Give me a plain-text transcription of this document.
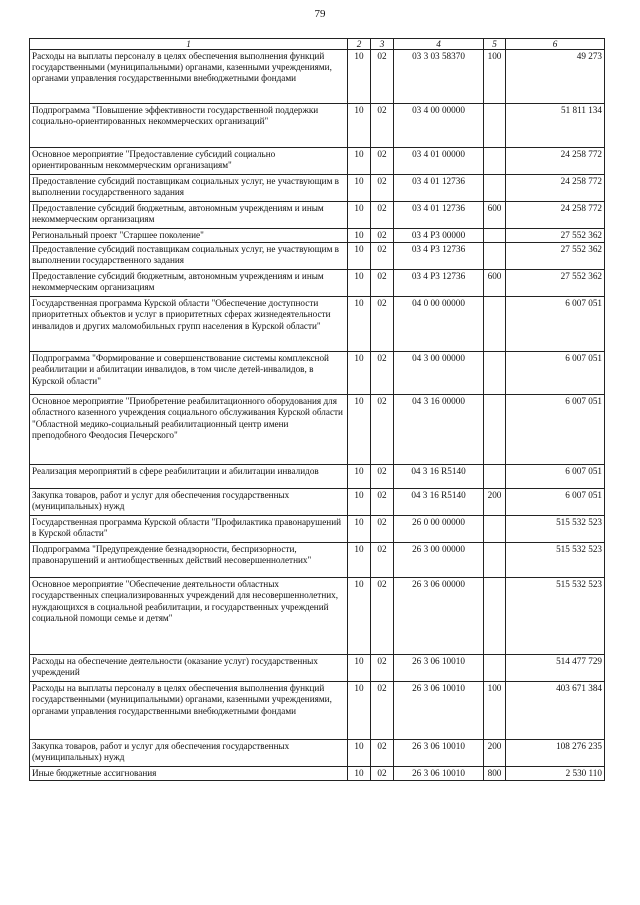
79
1	2	3	4	5	6
Расходы на выплаты персоналу в целях обеспечения выполнения функций государственными (муниципальными) органами, казенными учреждениями, органами управления государственными внебюджетными фондами	10	02	03 3 03 58370	100	49 273
Подпрограмма "Повышение эффективности государственной поддержки социально-ориентированных некоммерческих организаций"	10	02	03 4 00 00000		51 811 134
Основное мероприятие "Предоставление субсидий социально ориентированным некоммерческим организациям"	10	02	03 4 01 00000		24 258 772
Предоставление субсидий поставщикам социальных услуг, не участвующим в выполнении государственного задания	10	02	03 4 01 12736		24 258 772
Предоставление субсидий бюджетным, автономным учреждениям и иным некоммерческим организациям	10	02	03 4 01 12736	600	24 258 772
Региональный проект "Старшее поколение"	10	02	03 4 P3 00000		27 552 362
Предоставление субсидий поставщикам социальных услуг, не участвующим в выполнении государственного задания	10	02	03 4 P3 12736		27 552 362
Предоставление субсидий бюджетным, автономным учреждениям и иным некоммерческим организациям	10	02	03 4 P3 12736	600	27 552 362
Государственная программа Курской области "Обеспечение доступности приоритетных объектов и услуг в приоритетных сферах жизнедеятельности инвалидов и других маломобильных групп населения в Курской области"	10	02	04 0 00 00000		6 007 051
Подпрограмма "Формирование и совершенствование системы комплексной реабилитации и абилитации инвалидов, в том числе детей-инвалидов, в Курской области"	10	02	04 3 00 00000		6 007 051
Основное мероприятие "Приобретение реабилитационного оборудования для областного казенного учреждения социального обслуживания Курской области "Областной медико-социальный реабилитационный центр имени преподобного Феодосия Печерского"	10	02	04 3 16 00000		6 007 051
Реализация мероприятий в сфере реабилитации и абилитации инвалидов	10	02	04 3 16 R5140		6 007 051
Закупка товаров, работ и услуг для обеспечения государственных (муниципальных) нужд	10	02	04 3 16 R5140	200	6 007 051
Государственная программа Курской области "Профилактика правонарушений в Курской области"	10	02	26 0 00 00000		515 532 523
Подпрограмма "Предупреждение безнадзорности, беспризорности, правонарушений и антиобщественных действий несовершеннолетних"	10	02	26 3 00 00000		515 532 523
Основное мероприятие "Обеспечение деятельности областных государственных специализированных учреждений для несовершеннолетних, нуждающихся в социальной реабилитации, и государственных учреждений социальной помощи семье и детям"	10	02	26 3 06 00000		515 532 523
Расходы на обеспечение деятельности (оказание услуг) государственных учреждений	10	02	26 3 06 10010		514 477 729
Расходы на выплаты персоналу в целях обеспечения выполнения функций государственными (муниципальными) органами, казенными учреждениями, органами управления государственными внебюджетными фондами	10	02	26 3 06 10010	100	403 671 384
Закупка товаров, работ и услуг для обеспечения государственных (муниципальных) нужд	10	02	26 3 06 10010	200	108 276 235
Иные бюджетные ассигнования	10	02	26 3 06 10010	800	2 530 110
